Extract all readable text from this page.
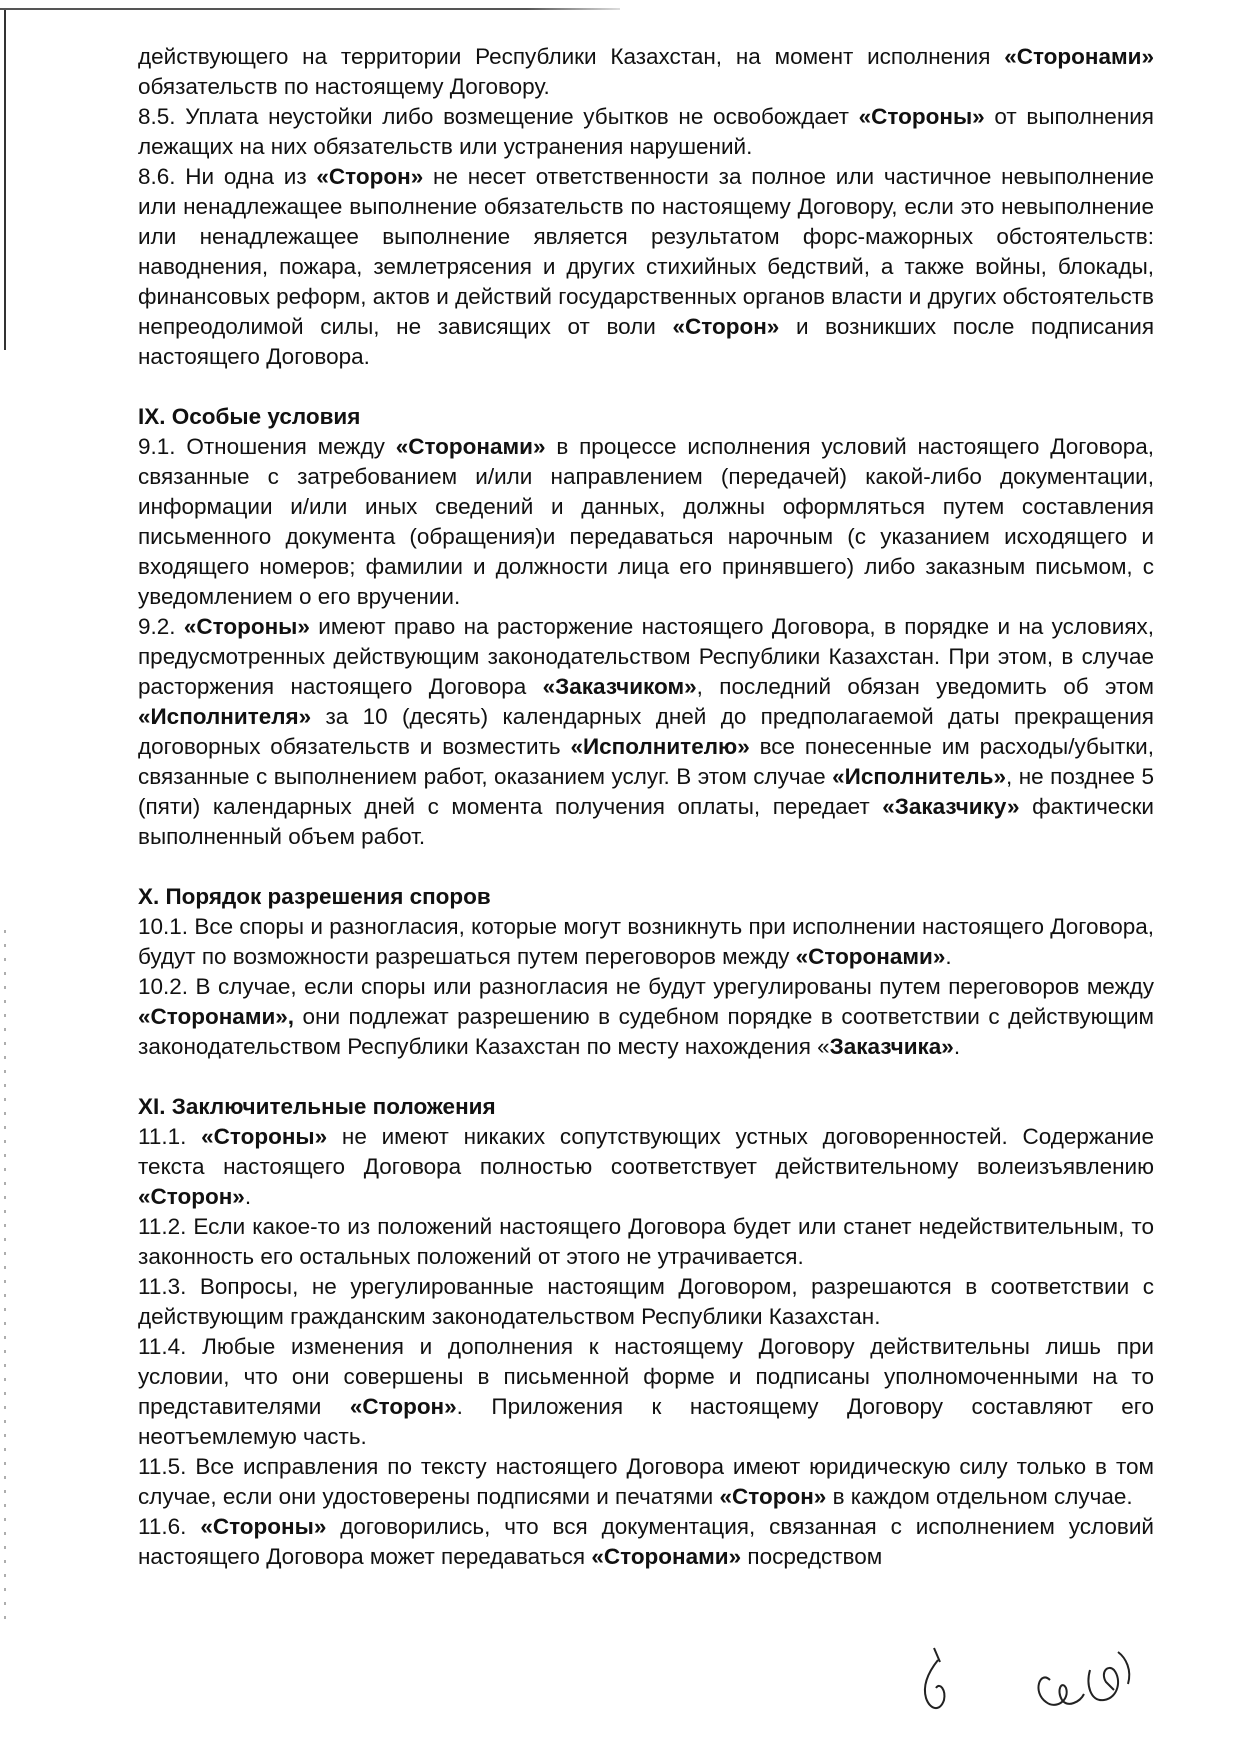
действующего на территории Республики Казахстан, на момент исполнения «Сторонами» обязательств по настоящему Договору.

8.5. Уплата неустойки либо возмещение убытков не освобождает «Стороны» от выполнения лежащих на них обязательств или устранения нарушений.

8.6. Ни одна из «Сторон» не несет ответственности за полное или частичное невыполнение или ненадлежащее выполнение обязательств по настоящему Договору, если это невыполнение или ненадлежащее выполнение является результатом форс-мажорных обстоятельств: наводнения, пожара, землетрясения и других стихийных бедствий, а также войны, блокады, финансовых реформ, актов и действий государственных органов власти и других обстоятельств непреодолимой силы, не зависящих от воли «Сторон» и возникших после подписания настоящего Договора.

IX. Особые условия

9.1. Отношения между «Сторонами» в процессе исполнения условий настоящего Договора, связанные с затребованием и/или направлением (передачей) какой-либо документации, информации и/или иных сведений и данных, должны оформляться путем составления письменного документа (обращения)и передаваться нарочным (с указанием исходящего и входящего номеров; фамилии и должности лица его принявшего) либо заказным письмом, с уведомлением о его вручении.

9.2. «Стороны» имеют право на расторжение настоящего Договора, в порядке и на условиях, предусмотренных действующим законодательством Республики Казахстан. При этом, в случае расторжения настоящего Договора «Заказчиком», последний обязан уведомить об этом «Исполнителя» за 10 (десять) календарных дней до предполагаемой даты прекращения договорных обязательств и возместить «Исполнителю» все понесенные им расходы/убытки, связанные с выполнением работ, оказанием услуг. В этом случае «Исполнитель», не позднее 5 (пяти) календарных дней с момента получения оплаты, передает «Заказчику» фактически выполненный объем работ.

X. Порядок разрешения споров

10.1. Все споры и разногласия, которые могут возникнуть при исполнении настоящего Договора, будут по возможности разрешаться путем переговоров между «Сторонами».

10.2. В случае, если споры или разногласия не будут урегулированы путем переговоров между «Сторонами», они подлежат разрешению в судебном порядке в соответствии с действующим законодательством Республики Казахстан по месту нахождения «Заказчика».

XI. Заключительные положения

11.1. «Стороны» не имеют никаких сопутствующих устных договоренностей. Содержание текста настоящего Договора полностью соответствует действительному волеизъявлению «Сторон».

11.2. Если какое-то из положений настоящего Договора будет или станет недействительным, то законность его остальных положений от этого не утрачивается.

11.3. Вопросы, не урегулированные настоящим Договором, разрешаются в соответствии с действующим гражданским законодательством Республики Казахстан.

11.4. Любые изменения и дополнения к настоящему Договору действительны лишь при условии, что они совершены в письменной форме и подписаны уполномоченными на то представителями «Сторон». Приложения к настоящему Договору составляют его неотъемлемую часть.

11.5. Все исправления по тексту настоящего Договора имеют юридическую силу только в том случае, если они удостоверены подписями и печатями «Сторон» в каждом отдельном случае.

11.6. «Стороны» договорились, что вся документация, связанная с исполнением условий настоящего Договора может передаваться «Сторонами» посредством
